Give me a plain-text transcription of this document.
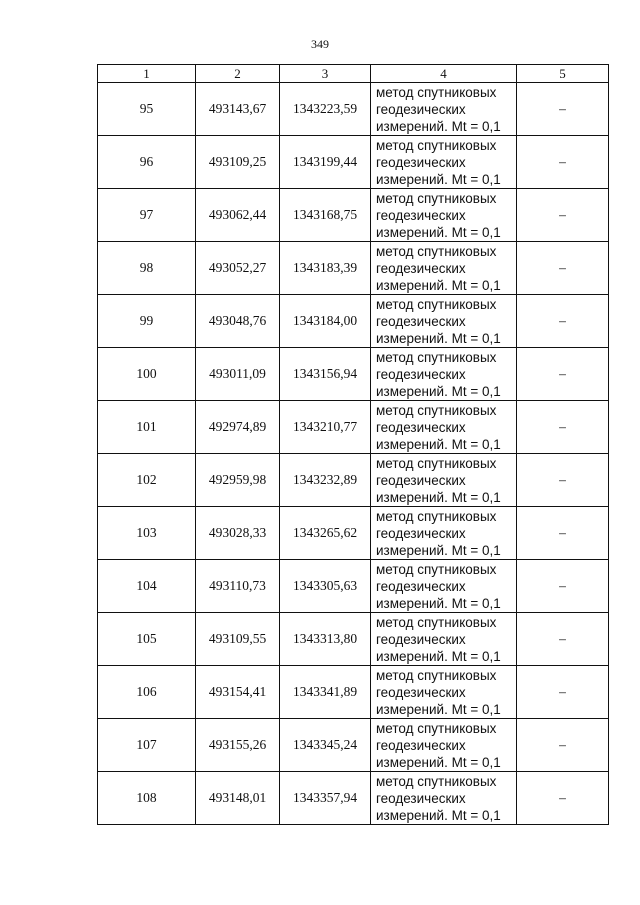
349
1	2	3	4	5
95	493143,67	1343223,59	метод спутниковых
геодезических
измерений. Mt = 0,1	–
96	493109,25	1343199,44	метод спутниковых
геодезических
измерений. Mt = 0,1	–
97	493062,44	1343168,75	метод спутниковых
геодезических
измерений. Mt = 0,1	–
98	493052,27	1343183,39	метод спутниковых
геодезических
измерений. Mt = 0,1	–
99	493048,76	1343184,00	метод спутниковых
геодезических
измерений. Mt = 0,1	–
100	493011,09	1343156,94	метод спутниковых
геодезических
измерений. Mt = 0,1	–
101	492974,89	1343210,77	метод спутниковых
геодезических
измерений. Mt = 0,1	–
102	492959,98	1343232,89	метод спутниковых
геодезических
измерений. Mt = 0,1	–
103	493028,33	1343265,62	метод спутниковых
геодезических
измерений. Mt = 0,1	–
104	493110,73	1343305,63	метод спутниковых
геодезических
измерений. Mt = 0,1	–
105	493109,55	1343313,80	метод спутниковых
геодезических
измерений. Mt = 0,1	–
106	493154,41	1343341,89	метод спутниковых
геодезических
измерений. Mt = 0,1	–
107	493155,26	1343345,24	метод спутниковых
геодезических
измерений. Mt = 0,1	–
108	493148,01	1343357,94	метод спутниковых
геодезических
измерений. Mt = 0,1	–
